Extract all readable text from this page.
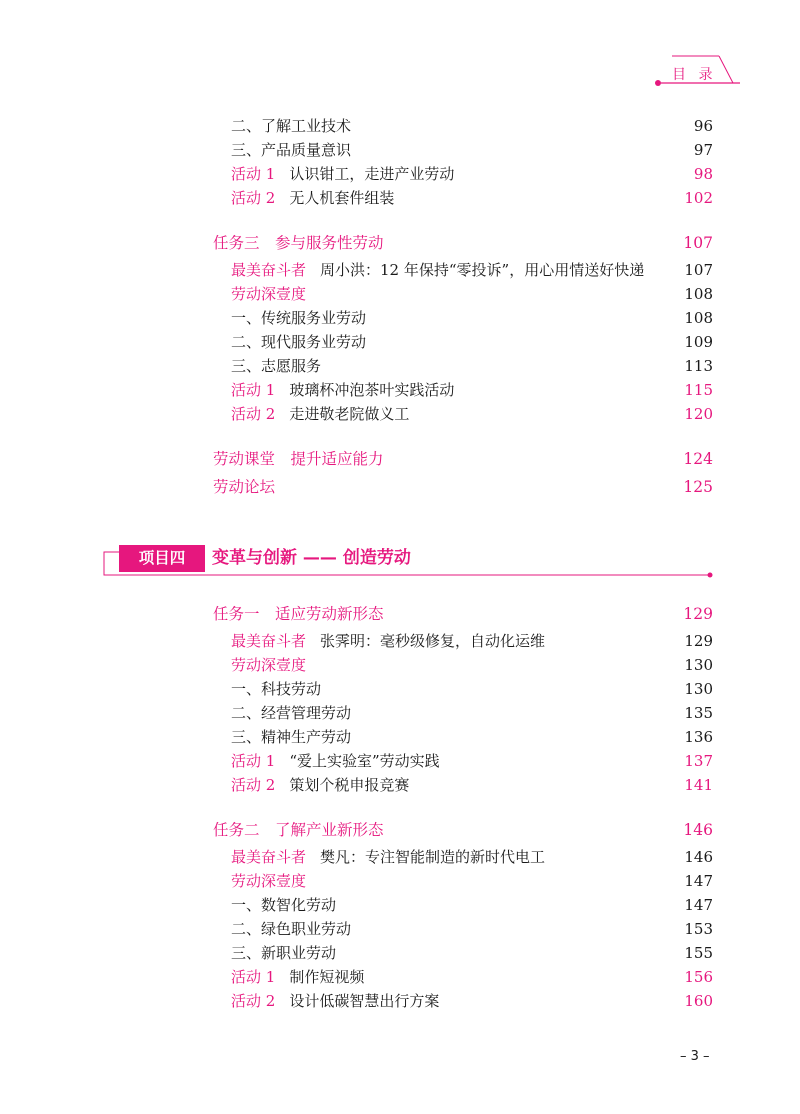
目 录
二、了解工业技术	96
三、产品质量意识	97
活动 1 认识钳工，走进产业劳动	98
活动 2 无人机套件组装	102
任务三　参与服务性劳动	107
最美奋斗者 周小洪：12 年保持“零投诉”，用心用情送好快递	107
劳动深壹度	108
一、传统服务业劳动	108
二、现代服务业劳动	109
三、志愿服务	113
活动 1 玻璃杯冲泡茶叶实践活动	115
活动 2 走进敬老院做义工	120
劳动课堂　提升适应能力	124
劳动论坛	125
项目四	变革与创新 —— 创造劳动
任务一　适应劳动新形态	129
最美奋斗者 张霁明：毫秒级修复，自动化运维	129
劳动深壹度	130
一、科技劳动	130
二、经营管理劳动	135
三、精神生产劳动	136
活动 1 “爱上实验室”劳动实践	137
活动 2 策划个税申报竞赛	141
任务二　了解产业新形态	146
最美奋斗者 樊凡：专注智能制造的新时代电工	146
劳动深壹度	147
一、数智化劳动	147
二、绿色职业劳动	153
三、新职业劳动	155
活动 1 制作短视频	156
活动 2 设计低碳智慧出行方案	160
– 3 –
